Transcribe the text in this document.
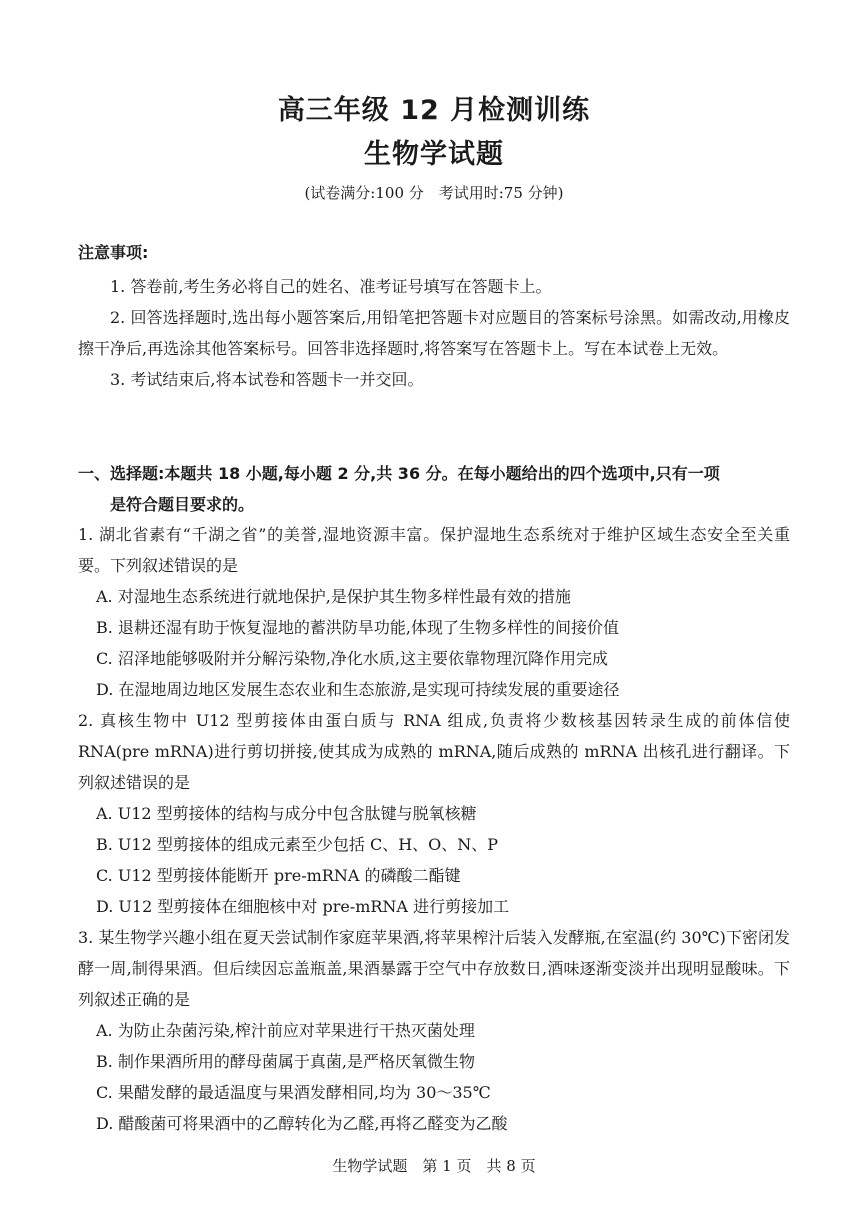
高三年级 12 月检测训练
生物学试题
(试卷满分:100 分　考试用时:75 分钟)
注意事项:

1. 答卷前,考生务必将自己的姓名、准考证号填写在答题卡上。

2. 回答选择题时,选出每小题答案后,用铅笔把答题卡对应题目的答案标号涂黑。如需改动,用橡皮擦干净后,再选涂其他答案标号。回答非选择题时,将答案写在答题卡上。写在本试卷上无效。

3. 考试结束后,将本试卷和答题卡一并交回。

一、选择题:本题共 18 小题,每小题 2 分,共 36 分。在每小题给出的四个选项中,只有一项
是符合题目要求的。

1. 湖北省素有“千湖之省”的美誉,湿地资源丰富。保护湿地生态系统对于维护区域生态安全至关重要。下列叙述错误的是

A. 对湿地生态系统进行就地保护,是保护其生物多样性最有效的措施

B. 退耕还湿有助于恢复湿地的蓄洪防旱功能,体现了生物多样性的间接价值

C. 沼泽地能够吸附并分解污染物,净化水质,这主要依靠物理沉降作用完成

D. 在湿地周边地区发展生态农业和生态旅游,是实现可持续发展的重要途径

2. 真核生物中 U12 型剪接体由蛋白质与 RNA 组成,负责将少数核基因转录生成的前体信使 RNA(pre mRNA)进行剪切拼接,使其成为成熟的 mRNA,随后成熟的 mRNA 出核孔进行翻译。下列叙述错误的是

A. U12 型剪接体的结构与成分中包含肽键与脱氧核糖

B. U12 型剪接体的组成元素至少包括 C、H、O、N、P

C. U12 型剪接体能断开 pre-mRNA 的磷酸二酯键

D. U12 型剪接体在细胞核中对 pre-mRNA 进行剪接加工

3. 某生物学兴趣小组在夏天尝试制作家庭苹果酒,将苹果榨汁后装入发酵瓶,在室温(约 30℃)下密闭发酵一周,制得果酒。但后续因忘盖瓶盖,果酒暴露于空气中存放数日,酒味逐渐变淡并出现明显酸味。下列叙述正确的是

A. 为防止杂菌污染,榨汁前应对苹果进行干热灭菌处理

B. 制作果酒所用的酵母菌属于真菌,是严格厌氧微生物

C. 果醋发酵的最适温度与果酒发酵相同,均为 30～35℃

D. 醋酸菌可将果酒中的乙醇转化为乙醛,再将乙醛变为乙酸

生物学试题　第 1 页　共 8 页
